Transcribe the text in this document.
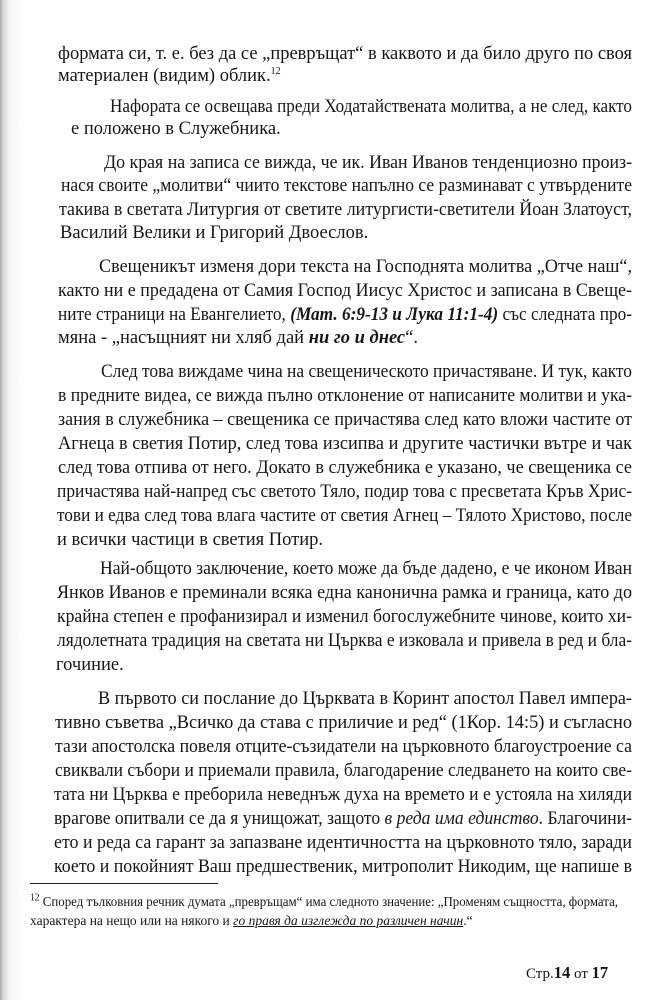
формата си, т. е. без да се „превръщат“ в каквото и да било друго по своя

материален (видим) облик.$^{12}$

Нафората се освещава преди Ходатайствената молитва, а не след, както

е положено в Служебника.

До края на записа се вижда, че ик. Иван Иванов тенденциозно произ-

нася своите „молитви“ чиито текстове напълно се разминават с утвърдените

такива в светата Литургия от светите литургисти-светители Йоан Златоуст,

Василий Велики и Григорий Двоеслов.

Свещеникът изменя дори текста на Господнята молитва „Отче наш“,

както ни е предадена от Самия Господ Иисус Христос и записана в Свеще-

ните страници на Евангелието, (Мат. 6:9-13 и Лука 11:1-4) със следната про-

мяна - „насъщният ни хляб дай ни го и днес“.

След това виждаме чина на свещеническото причастяване. И тук, както

в предните видеа, се вижда пълно отклонение от написаните молитви и ука-

зания в служебника – свещеника се причастява след като вложи частите от

Агнеца в светия Потир, след това изсипва и другите частички вътре и чак

след това отпива от него. Докато в служебника е указано, че свещеника се

причастява най-напред със светото Тяло, подир това с пресветата Кръв Хрис-

тови и едва след това влага частите от светия Агнец – Тялото Христово, после

и всички частици в светия Потир.

Най-общото заключение, което може да бъде дадено, е че иконом Иван

Янков Иванов е преминали всяка една канонична рамка и граница, като до

крайна степен е профанизирал и изменил богослужебните чинове, които хи-

лядолетната традиция на светата ни Църква е изковала и привела в ред и бла-

гочиние.

В първото си послание до Църквата в Коринт апостол Павел импера-

тивно съветва „Всичко да става с приличие и ред“ (1Кор. 14:5) и съгласно

тази апостолска повеля отците-съзидатели на църковното благоустроение са

свиквали събори и приемали правила, благодарение следването на които све-

тата ни Църква е преборила неведнъж духа на времето и е устояла на хиляди

врагове опитвали се да я унищожат, защото в реда има единство. Благочини-

ето и реда са гарант за запазване идентичността на църковното тяло, заради

което и покойният Ваш предшественик, митрополит Никодим, ще напише в

$^{12}$ Според тълковния речник думата „превръщам“ има следното значение: „Променям същността, формата,

характера на нещо или на някого и го правя да изглежда по различен начин.“

Стр.14 от 17
